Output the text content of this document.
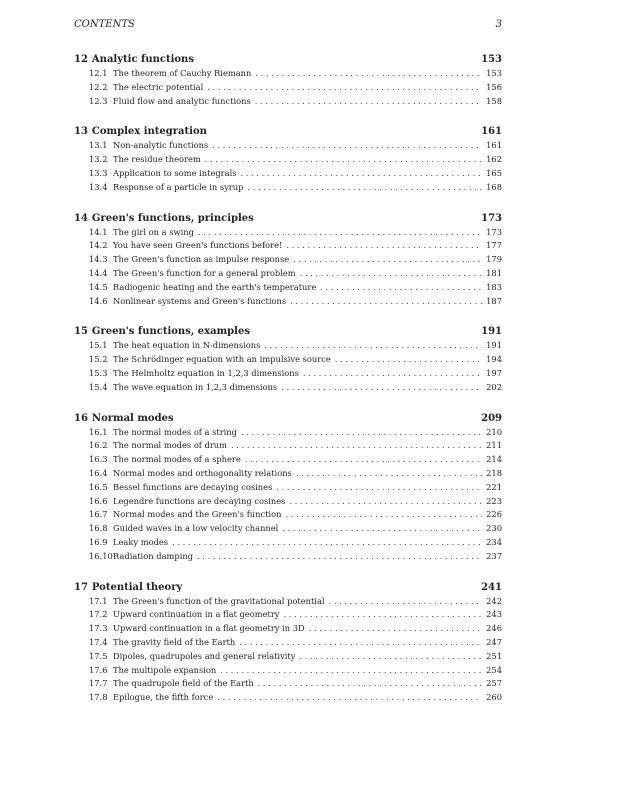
CONTENTS	3
12 Analytic functions	153
12.1 The theorem of Cauchy Riemann . . .	153
12.2 The electric potential . . .	156
12.3 Fluid flow and analytic functions . . .	158
13 Complex integration	161
13.1 Non-analytic functions . . .	161
13.2 The residue theorem . . .	162
13.3 Application to some integrals . . .	165
13.4 Response of a particle in syrup . . .	168
14 Green's functions, principles	173
14.1 The girl on a swing . . .	173
14.2 You have seen Green's functions before! . . .	177
14.3 The Green's function as impulse response . . .	179
14.4 The Green's function for a general problem . . .	181
14.5 Radiogenic heating and the earth's temperature . . .	183
14.6 Nonlinear systems and Green's functions . . .	187
15 Green's functions, examples	191
15.1 The heat equation in N-dimensions . . .	191
15.2 The Schrödinger equation with an impulsive source . . .	194
15.3 The Helmholtz equation in 1,2,3 dimensions . . .	197
15.4 The wave equation in 1,2,3 dimensions . . .	202
16 Normal modes	209
16.1 The normal modes of a string . . .	210
16.2 The normal modes of drum . . .	211
16.3 The normal modes of a sphere . . .	214
16.4 Normal modes and orthogonality relations . . .	218
16.5 Bessel functions are decaying cosines . . .	221
16.6 Legendre functions are decaying cosines . . .	223
16.7 Normal modes and the Green's function . . .	226
16.8 Guided waves in a low velocity channel . . .	230
16.9 Leaky modes . . .	234
16.10 Radiation damping . . .	237
17 Potential theory	241
17.1 The Green's function of the gravitational potential . . .	242
17.2 Upward continuation in a flat geometry . . .	243
17.3 Upward continuation in a flat geometry in 3D . . .	246
17.4 The gravity field of the Earth . . .	247
17.5 Dipoles, quadrupoles and general relativity . . .	251
17.6 The multipole expansion . . .	254
17.7 The quadrupole field of the Earth . . .	257
17.8 Epilogue, the fifth force . . .	260
